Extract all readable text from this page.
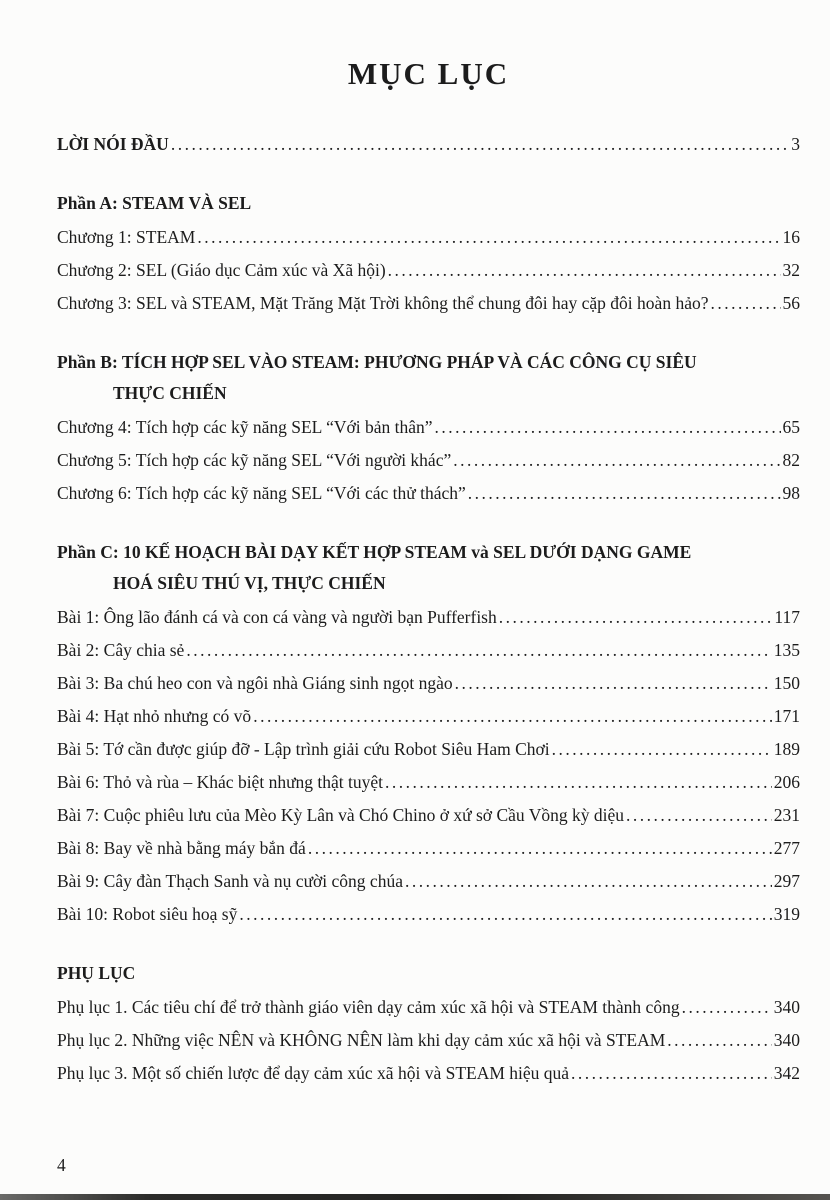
MỤC LỤC
LỜI NÓI ĐẦU .....	3
Phần A: STEAM VÀ SEL
Chương 1: STEAM .....	16
Chương 2: SEL (Giáo dục Cảm xúc và Xã hội) .....	32
Chương 3: SEL và STEAM, Mặt Trăng Mặt Trời không thể chung đôi hay cặp đôi hoàn hảo? .....	56
Phần B: TÍCH HỢP SEL VÀO STEAM: PHƯƠNG PHÁP VÀ CÁC CÔNG CỤ SIÊU
THỰC CHIẾN
Chương 4: Tích hợp các kỹ năng SEL “Với bản thân” .....	65
Chương 5: Tích hợp các kỹ năng SEL “Với người khác” .....	82
Chương 6: Tích hợp các kỹ năng SEL “Với các thử thách” .....	98
Phần C: 10 KẾ HOẠCH BÀI DẠY KẾT HỢP STEAM và SEL DƯỚI DẠNG GAME
HOÁ SIÊU THÚ VỊ, THỰC CHIẾN
Bài 1: Ông lão đánh cá và con cá vàng và người bạn Pufferfish .....	117
Bài 2: Cây chia sẻ .....	135
Bài 3: Ba chú heo con và ngôi nhà Giáng sinh ngọt ngào .....	150
Bài 4: Hạt nhỏ nhưng có võ .....	171
Bài 5: Tớ cần được giúp đỡ - Lập trình giải cứu Robot Siêu Ham Chơi .....	189
Bài 6: Thỏ và rùa – Khác biệt nhưng thật tuyệt .....	206
Bài 7: Cuộc phiêu lưu của Mèo Kỳ Lân và Chó Chino ở xứ sở Cầu Vồng kỳ diệu .....	231
Bài 8: Bay về nhà bằng máy bắn đá .....	277
Bài 9: Cây đàn Thạch Sanh và nụ cười công chúa .....	297
Bài 10: Robot siêu hoạ sỹ .....	319
PHỤ LỤC
Phụ lục 1. Các tiêu chí để trở thành giáo viên dạy cảm xúc xã hội và STEAM thành công .....	340
Phụ lục 2. Những việc NÊN và KHÔNG NÊN làm khi dạy cảm xúc xã hội và STEAM .....	340
Phụ lục 3. Một số chiến lược để dạy cảm xúc xã hội và STEAM hiệu quả .....	342
4
